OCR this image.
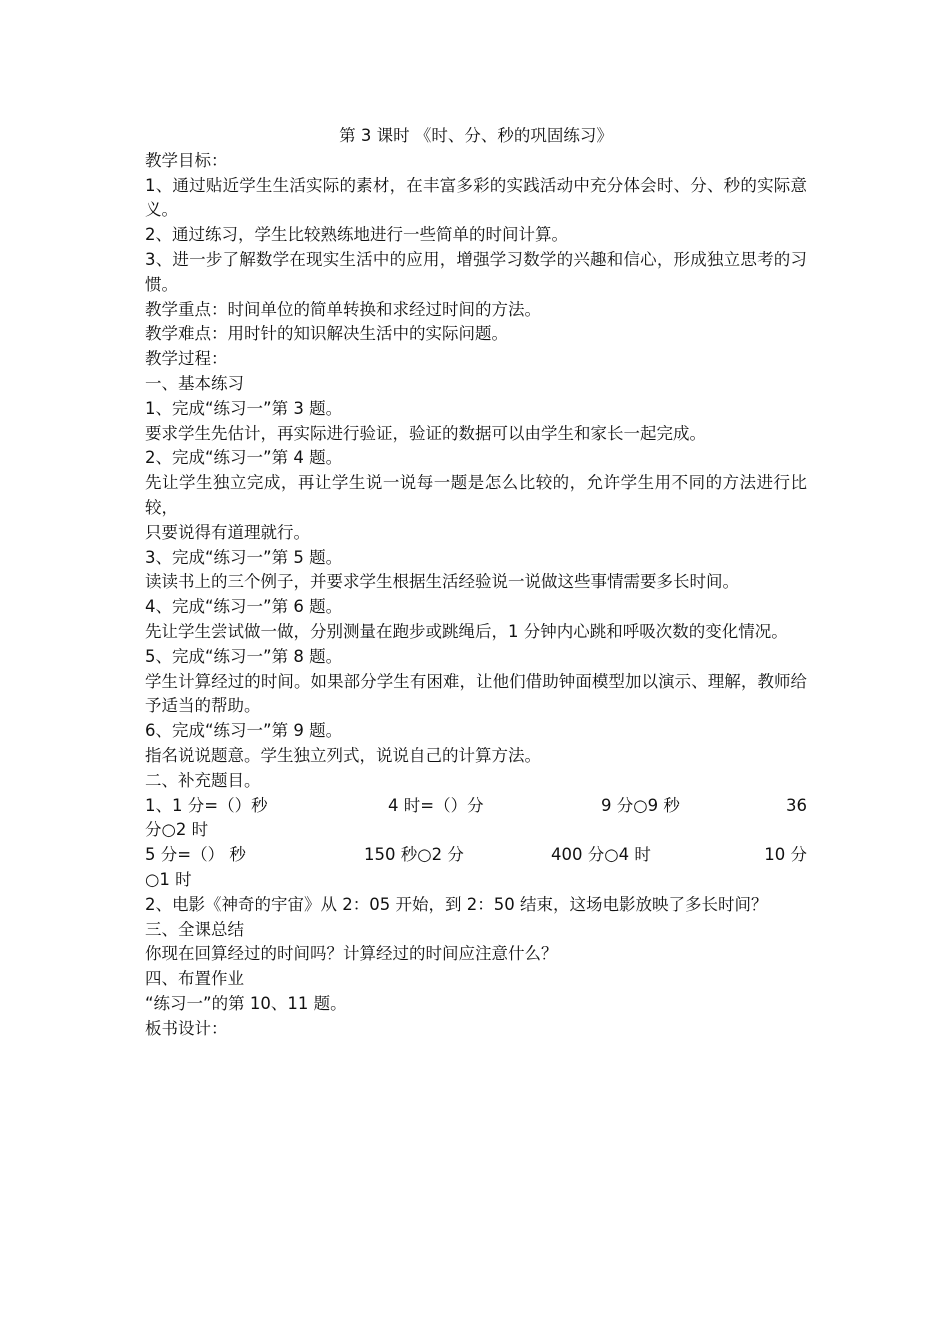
第 3 课时 《时、分、秒的巩固练习》
教学目标：
1、通过贴近学生生活实际的素材，在丰富多彩的实践活动中充分体会时、分、秒的实际意义。
2、通过练习，学生比较熟练地进行一些简单的时间计算。
3、进一步了解数学在现实生活中的应用，增强学习数学的兴趣和信心，形成独立思考的习惯。
教学重点：时间单位的简单转换和求经过时间的方法。
教学难点：用时针的知识解决生活中的实际问题。
教学过程：
一、基本练习
1、完成“练习一”第 3 题。
要求学生先估计，再实际进行验证，验证的数据可以由学生和家长一起完成。
2、完成“练习一”第 4 题。
先让学生独立完成，再让学生说一说每一题是怎么比较的，允许学生用不同的方法进行比较，
只要说得有道理就行。
3、完成“练习一”第 5 题。
读读书上的三个例子，并要求学生根据生活经验说一说做这些事情需要多长时间。
4、完成“练习一”第 6 题。
先让学生尝试做一做，分别测量在跑步或跳绳后，1 分钟内心跳和呼吸次数的变化情况。
5、完成“练习一”第 8 题。
学生计算经过的时间。如果部分学生有困难，让他们借助钟面模型加以演示、理解，教师给予适当的帮助。
6、完成“练习一”第 9 题。
指名说说题意。学生独立列式，说说自己的计算方法。
二、补充题目。
1、1 分=（）秒	4 时=（）分	9 分○9 秒	36
分○2 时
5 分=（） 秒	150 秒○2 分	400 分○4 时	10 分
○1 时
2、电影《神奇的宇宙》从 2：05 开始，到 2：50 结束，这场电影放映了多长时间？
三、全课总结
你现在回算经过的时间吗？计算经过的时间应注意什么？
四、布置作业
“练习一”的第 10、11 题。
板书设计：
